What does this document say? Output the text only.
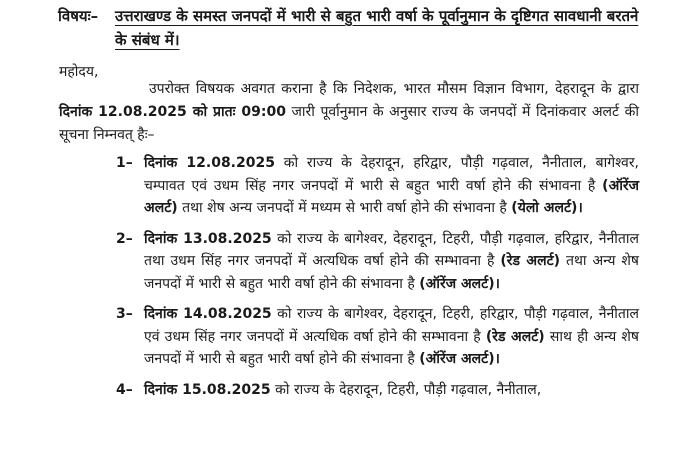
विषयः– उत्तराखण्ड के समस्त जनपदों में भारी से बहुत भारी वर्षा के पूर्वानुमान के दृष्टिगत सावधानी बरतने के संबंध में।
महोदय,
उपरोक्त विषयक अवगत कराना है कि निदेशक, भारत मौसम विज्ञान विभाग, देहरादून के द्वारा दिनांक 12.08.2025 को प्रातः 09:00 जारी पूर्वानुमान के अनुसार राज्य के जनपदों में दिनांकवार अलर्ट की सूचना निम्नवत् हैः–
1– दिनांक 12.08.2025 को राज्य के देहरादून, हरिद्वार, पौड़ी गढ़वाल, नैनीताल, बागेश्वर, चम्पावत एवं उधम सिंह नगर जनपदों में भारी से बहुत भारी वर्षा होने की संभावना है (ऑरेंज अलर्ट) तथा शेष अन्य जनपदों में मध्यम से भारी वर्षा होने की संभावना है (येलो अलर्ट)।
2– दिनांक 13.08.2025 को राज्य के बागेश्वर, देहरादून, टिहरी, पौड़ी गढ़वाल, हरिद्वार, नैनीताल तथा उधम सिंह नगर जनपदों में अत्यधिक वर्षा होने की सम्भावना है (रेड अलर्ट) तथा अन्य शेष जनपदों में भारी से बहुत भारी वर्षा होने की संभावना है (ऑरेंज अलर्ट)।
3– दिनांक 14.08.2025 को राज्य के बागेश्वर, देहरादून, टिहरी, हरिद्वार, पौड़ी गढ़वाल, नैनीताल एवं उधम सिंह नगर जनपदों में अत्यधिक वर्षा होने की सम्भावना है (रेड अलर्ट) साथ ही अन्य शेष जनपदों में भारी से बहुत भारी वर्षा होने की संभावना है (ऑरेंज अलर्ट)।
4– दिनांक 15.08.2025 को राज्य के देहरादून, टिहरी, पौड़ी गढ़वाल, नैनीताल,
